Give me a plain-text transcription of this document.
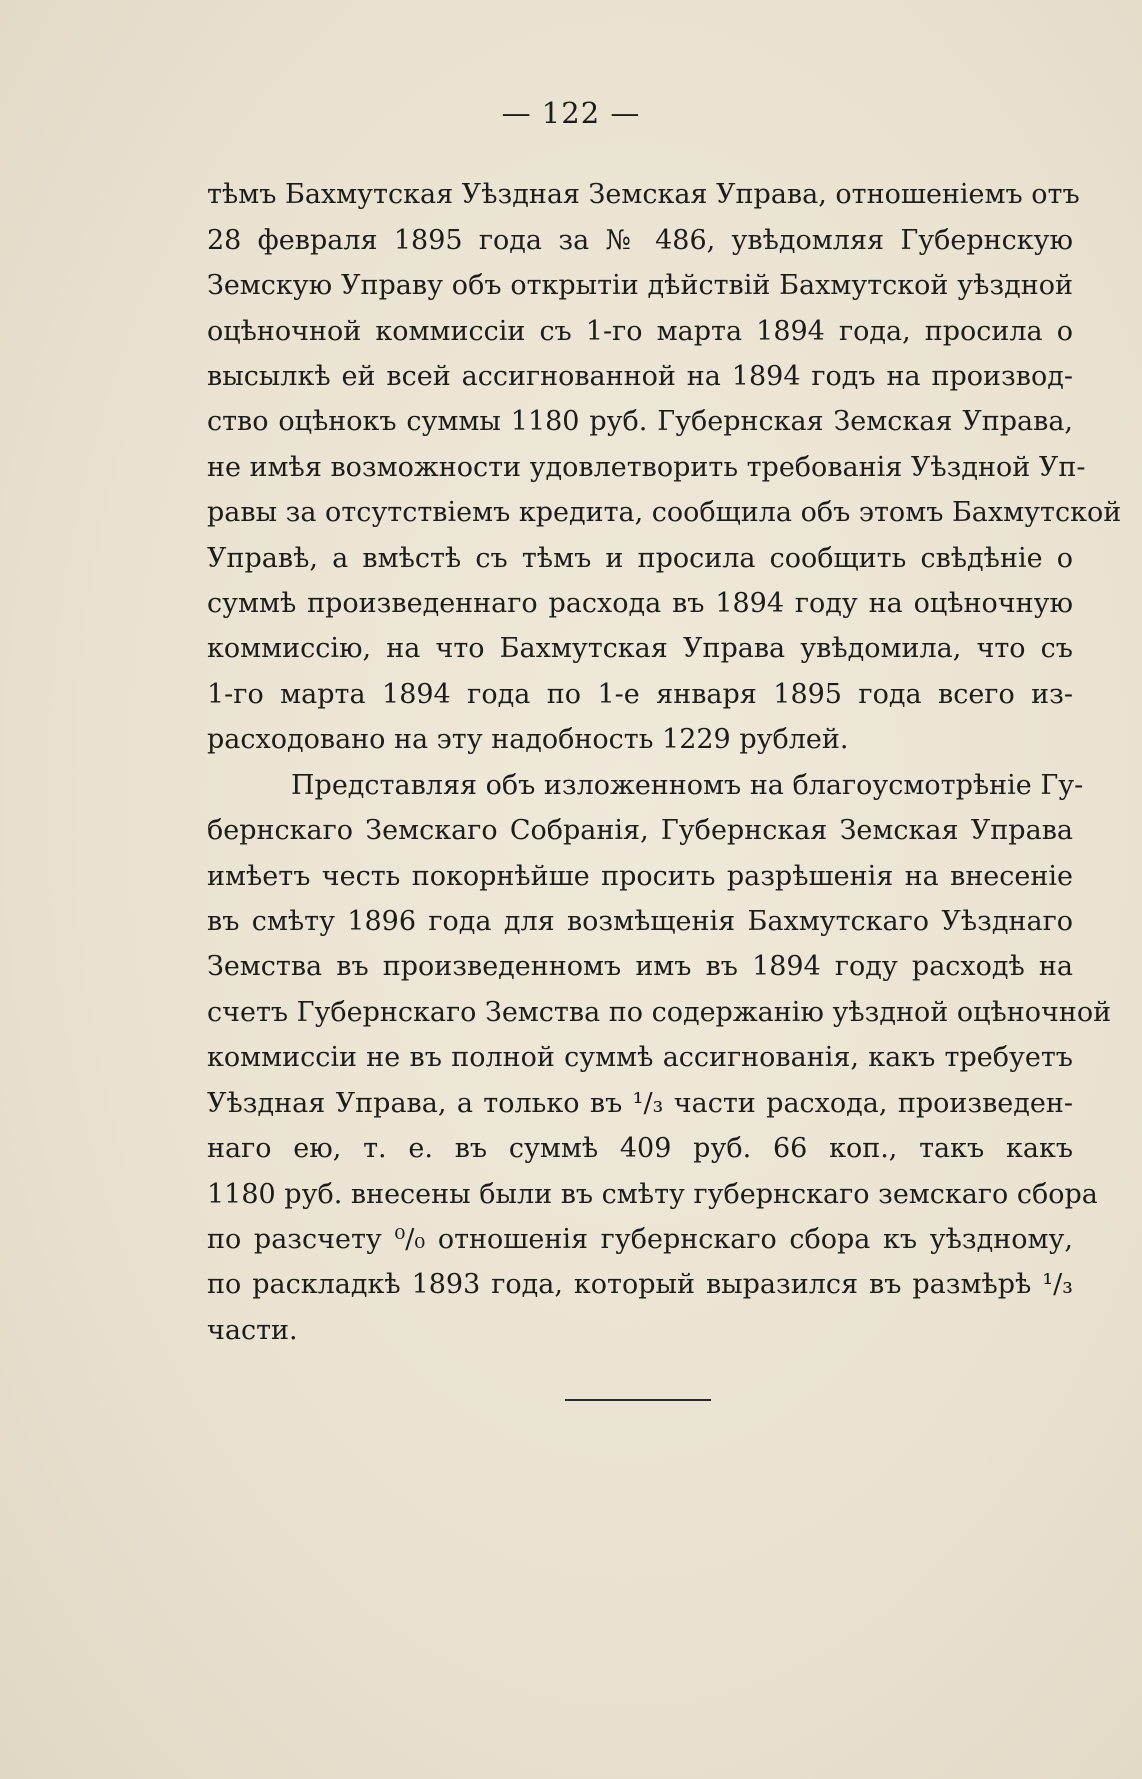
— 122 —
тѣмъ Бахмутская Уѣздная Земская Управа, отношеніемъ отъ
28 февраля 1895 года за № 486, увѣдомляя Губернскую
Земскую Управу объ открытіи дѣйствій Бахмутской уѣздной
оцѣночной коммиссіи съ 1-го марта 1894 года, просила о
высылкѣ ей всей ассигнованной на 1894 годъ на производ-
ство оцѣнокъ суммы 1180 руб. Губернская Земская Управа,
не имѣя возможности удовлетворить требованія Уѣздной Уп-
равы за отсутствіемъ кредита, сообщила объ этомъ Бахмутской
Управѣ, а вмѣстѣ съ тѣмъ и просила сообщить свѣдѣніе о
суммѣ произведеннаго расхода въ 1894 году на оцѣночную
коммиссію, на что Бахмутская Управа увѣдомила, что съ
1-го марта 1894 года по 1-е января 1895 года всего из-
расходовано на эту надобность 1229 рублей.
Представляя объ изложенномъ на благоусмотрѣніе Гу-
бернскаго Земскаго Собранія, Губернская Земская Управа
имѣетъ честь покорнѣйше просить разрѣшенія на внесеніе
въ смѣту 1896 года для возмѣщенія Бахмутскаго Уѣзднаго
Земства въ произведенномъ имъ въ 1894 году расходѣ на
счетъ Губернскаго Земства по содержанію уѣздной оцѣночной
коммиссіи не въ полной суммѣ ассигнованія, какъ требуетъ
Уѣздная Управа, а только въ ¹/₃ части расхода, произведен-
наго ею, т. е. въ суммѣ 409 руб. 66 коп., такъ какъ
1180 руб. внесены были въ смѣту губернскаго земскаго сбора
по разсчету ⁰/₀ отношенія губернскаго сбора къ уѣздному,
по раскладкѣ 1893 года, который выразился въ размѣрѣ ¹/₃
части.
